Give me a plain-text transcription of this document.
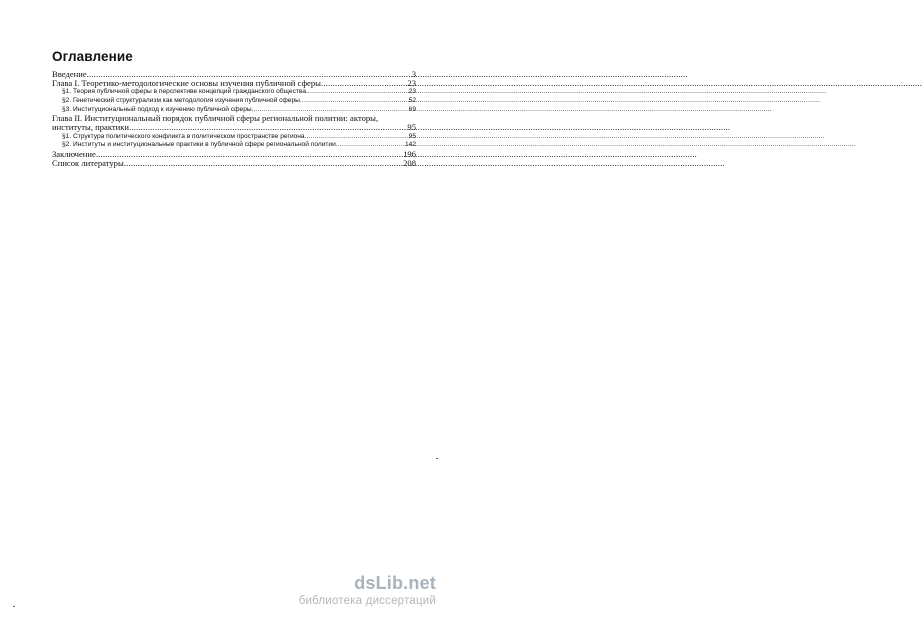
Оглавление
Введение .....	3
Глава I. Теоретико-методологические основы изучения публичной сферы .....	23
§1. Теория публичной сферы в перспективе концепций гражданского общества .....	23
§2. Генетический структурализм как методология изучения публичной сферы .....	52
§3. Институциональный подход к изучению публичной сферы .....	69
Глава II. Институциональный порядок публичной сферы региональной политии: акторы,
институты, практики .....	95
§1. Структура политического конфликта в политическом пространстве региона .....	95
§2. Институты и институциональные практики в публичной сфере региональной политии .....	142
Заключение .....	196
Список литературы .....	208
dsLib.net
библиотека диссертаций
